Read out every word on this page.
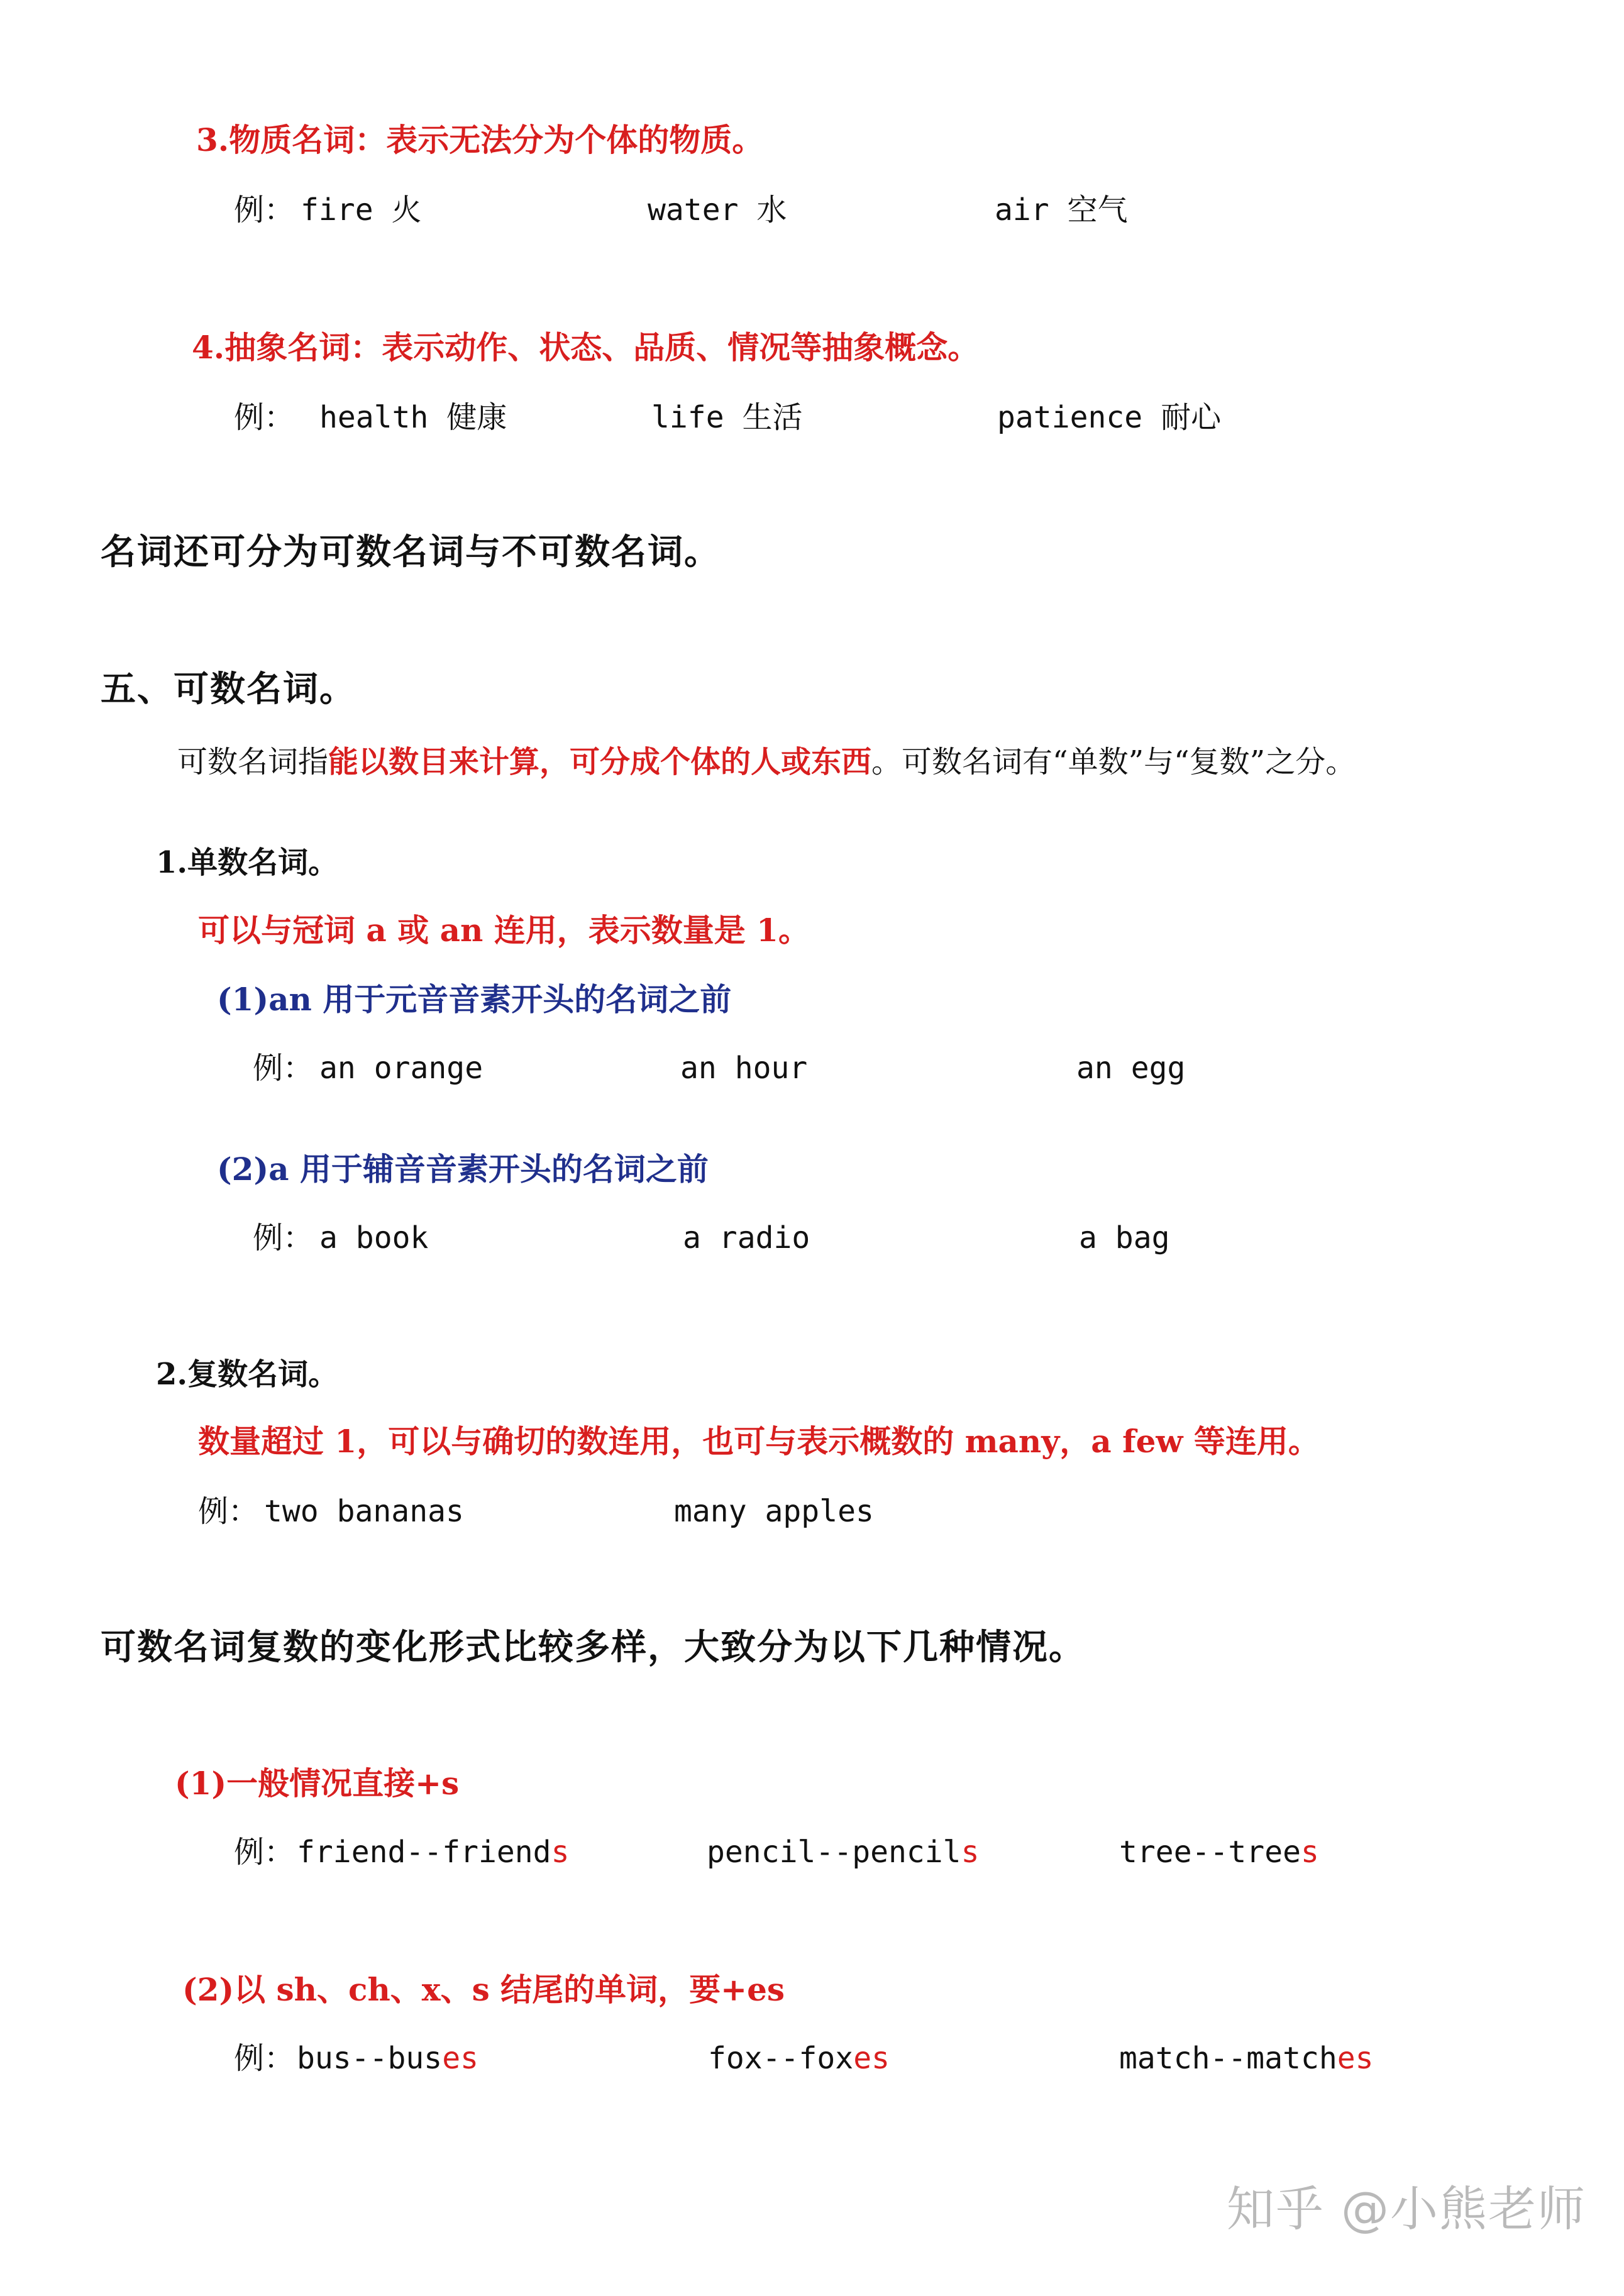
3.物质名词：表示无法分为个体的物质。
例： fire 火	water 水	air 空气
4.抽象名词：表示动作、状态、品质、情况等抽象概念。
例： health 健康	life 生活	patience 耐心
名词还可分为可数名词与不可数名词。
五、可数名词。
可数名词指能以数目来计算，可分成个体的人或东西。可数名词有“单数”与“复数”之分。
1.单数名词。
可以与冠词 a 或 an 连用，表示数量是 1。
(1)an 用于元音音素开头的名词之前
例： an orange	an hour	an egg
(2)a 用于辅音音素开头的名词之前
例： a book	a radio	a bag
2.复数名词。
数量超过 1，可以与确切的数连用，也可与表示概数的 many，a few 等连用。
例： two bananas	many apples
可数名词复数的变化形式比较多样，大致分为以下几种情况。
(1)一般情况直接+s
例： friend--friends	pencil--pencils	tree--trees
(2)以 sh、ch、x、s 结尾的单词，要+es
例： bus--buses	fox--foxes	match--matches
知乎 @小熊老师
